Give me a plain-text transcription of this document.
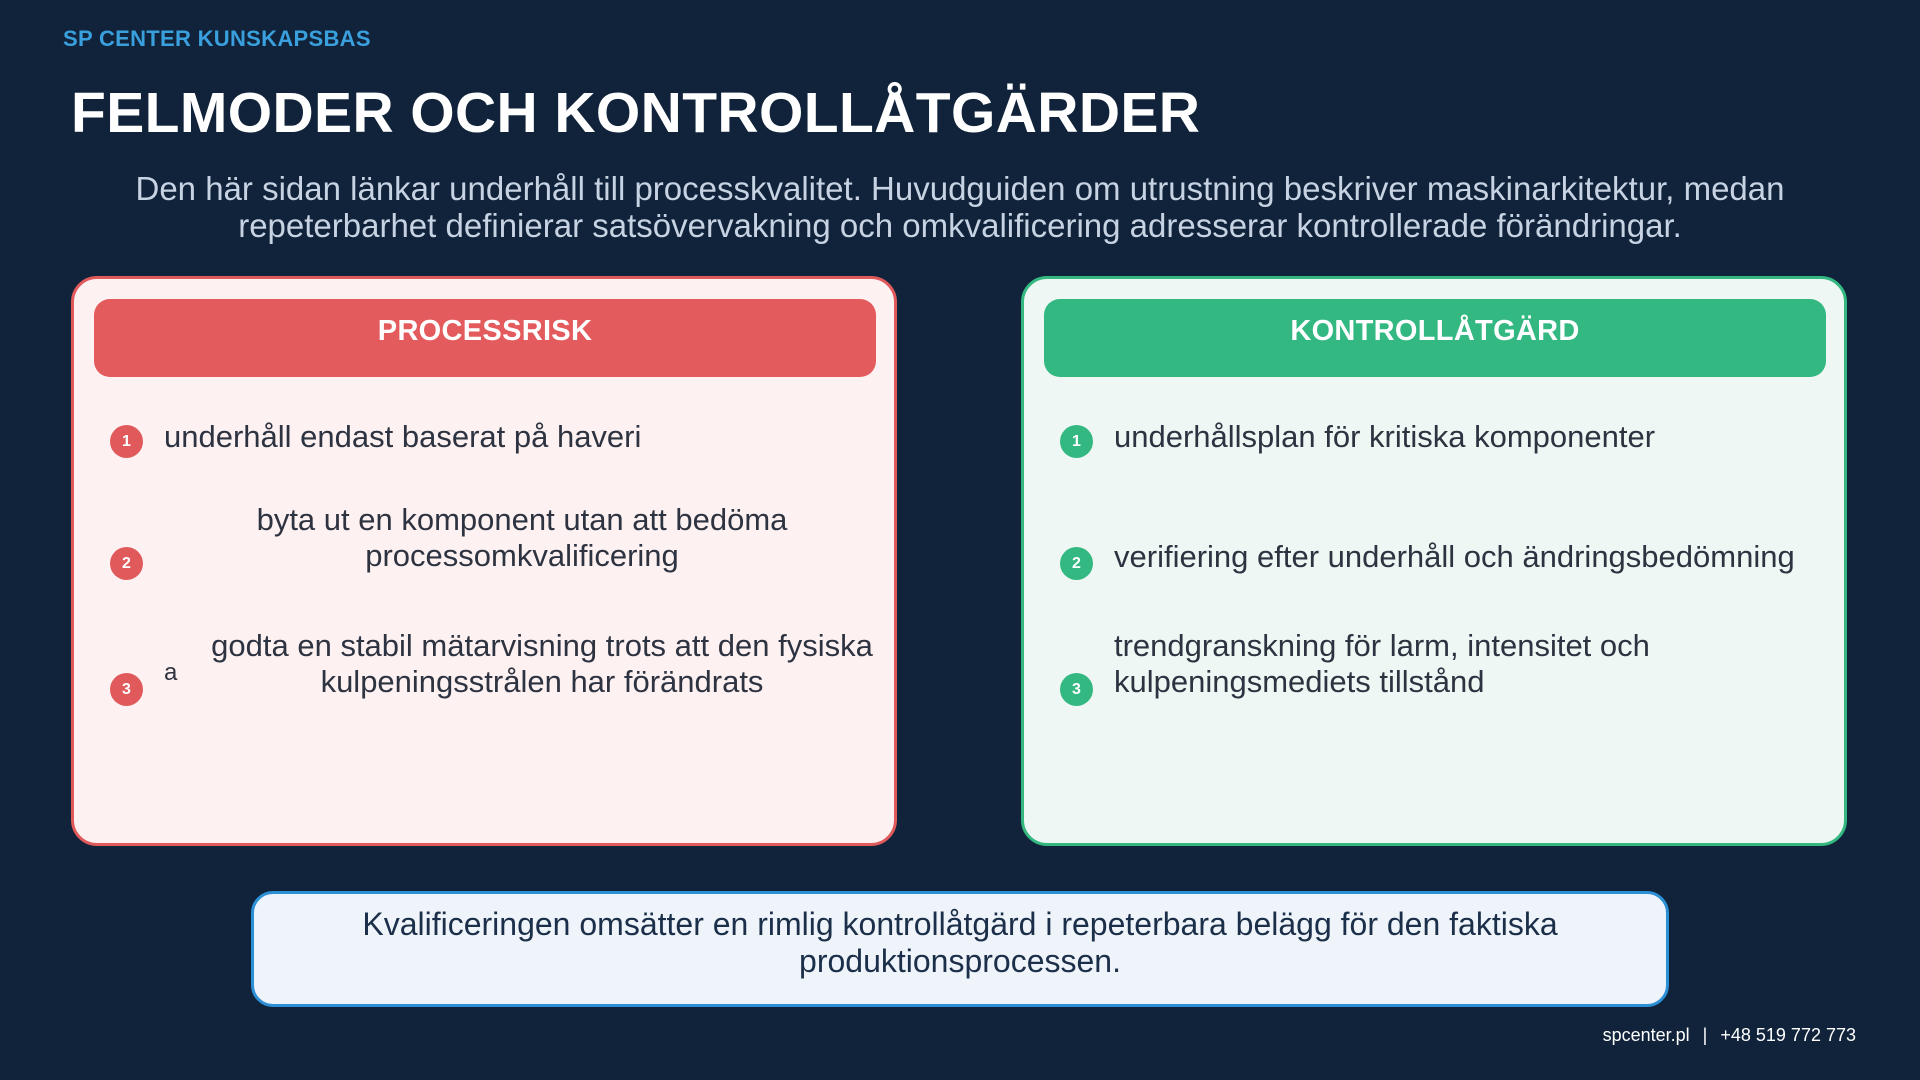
SP CENTER KUNSKAPSBAS
FELMODER OCH KONTROLLÅTGÄRDER
Den här sidan länkar underhåll till processkvalitet. Huvudguiden om utrustning beskriver maskinarkitektur, medan repeterbarhet definierar satsövervakning och omkvalificering adresserar kontrollerade förändringar.
PROCESSRISK
1	underhåll endast baserat på haveri
2
byta ut en komponent utan att bedöma processomkvalificering
3
a
godta en stabil mätarvisning trots att den fysiska kulpeningsstrålen har förändrats
KONTROLLÅTGÄRD
1	underhållsplan för kritiska komponenter
2	verifiering efter underhåll och ändringsbedömning
3
trendgranskning för larm, intensitet och kulpeningsmediets tillstånd
Kvalificeringen omsätter en rimlig kontrollåtgärd i repeterbara belägg för den faktiska produktionsprocessen.
spcenter.pl | +48 519 772 773
